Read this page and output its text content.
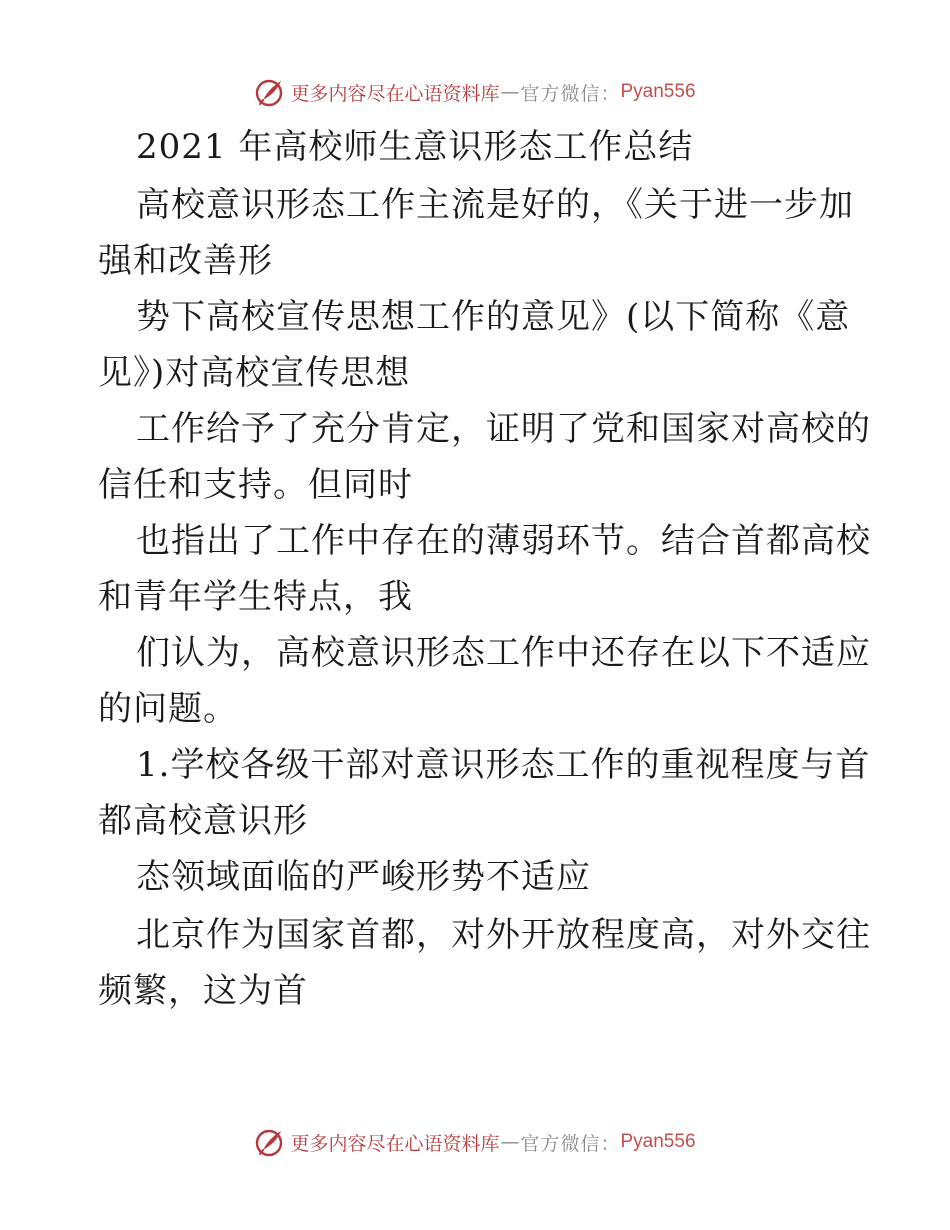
更多内容尽在心语资料库 — 官方微信： Pyan556
2021 年高校师生意识形态工作总结
高校意识形态工作主流是好的，《关于进一步加
强和改善形
势下高校宣传思想工作的意见》(以下简称《意
见》)对高校宣传思想
工作给予了充分肯定，证明了党和国家对高校的
信任和支持。但同时
也指出了工作中存在的薄弱环节。结合首都高校
和青年学生特点，我
们认为，高校意识形态工作中还存在以下不适应
的问题。
1.学校各级干部对意识形态工作的重视程度与首
都高校意识形
态领域面临的严峻形势不适应
北京作为国家首都，对外开放程度高，对外交往
频繁，这为首
更多内容尽在心语资料库 — 官方微信： Pyan556
